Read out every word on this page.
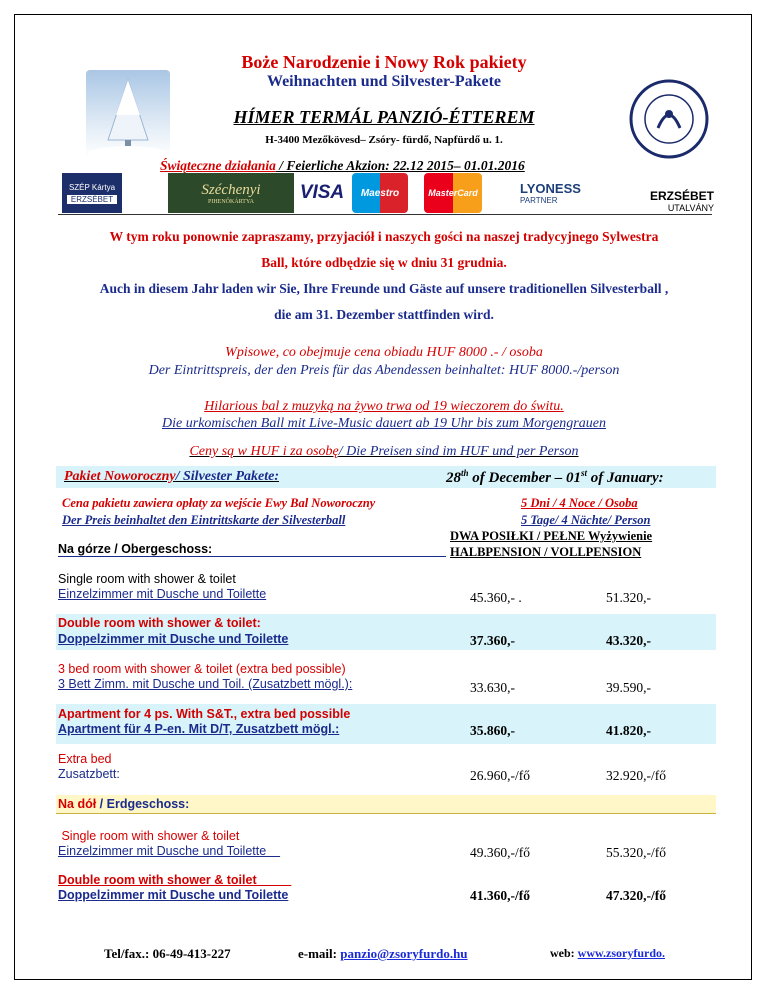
Boże Narodzenie i Nowy Rok pakiety
Weihnachten und Silvester-Pakete
HÍMER TERMÁL PANZIÓ-ÉTTEREM
H-3400 Mezőkövesd– Zsóry- fürdő, Napfürdő u. 1.
Świąteczne działania / Feierliche Akzion: 22.12 2015– 01.01.2016
SZÉP Kártya
ERZSÉBET
Széchenyi
PIHENŐKÁRTYA VISA	Maestro	MasterCard	LYONESS
PARTNER	ERZSÉBET
UTALVÁNY
W tym roku ponownie zapraszamy, przyjaciół i naszych gości na naszej tradycyjnego Sylwestra
Ball, które odbędzie się w dniu 31 grudnia.
Auch in diesem Jahr laden wir Sie, Ihre Freunde und Gäste auf unsere traditionellen Silvesterball ,
die am 31. Dezember stattfinden wird.
Wpisowe, co obejmuje cena obiadu HUF 8000 .- / osoba
Der Eintrittspreis, der den Preis für das Abendessen beinhaltet: HUF 8000.-/person
Hilarious bal z muzyką na żywo trwa od 19 wieczorem do świtu.
Die urkomischen Ball mit Live-Music dauert ab 19 Uhr bis zum Morgengrauen
Ceny są w HUF i za osobę/ Die Preisen sind im HUF und per Person
Pakiet Noworoczny/ Silvester Pakete:	28th of December – 01st of January:
Cena pakietu zawiera opłaty za wejście Ewy Bal Noworoczny
Der Preis beinhaltet den Eintrittskarte der Silvesterball
5 Dni / 4 Noce / Osoba
5 Tage/ 4 Nächte/ Person
DWA POSIŁKI / PEŁNE Wyżywienie
HALBPENSION / VOLLPENSION
Na górze / Obergeschoss:
Single room with shower & toilet
Einzelzimmer mit Dusche und Toilette	45.360,- .	51.320,-
Double room with shower & toilet:
Doppelzimmer mit Dusche und Toilette	37.360,-	43.320,-
3 bed room with shower & toilet (extra bed possible)
3 Bett Zimm. mit Dusche und Toil. (Zusatzbett mögl.):	33.630,-	39.590,-
Apartment for 4 ps. With S&T., extra bed possible
Apartment für 4 P-en. Mit D/T, Zusatzbett mögl.:	35.860,-	41.820,-
Extra bed
Zusatzbett:	26.960,-/fő	32.920,-/fő
Na dół / Erdgeschoss:
Single room with shower & toilet
Einzelzimmer mit Dusche und Toilette	49.360,-/fő	55.320,-/fő
Double room with shower & toilet
Doppelzimmer mit Dusche und Toilette	41.360,-/fő	47.320,-/fő
Tel/fax.: 06-49-413-227	e-mail: panzio@zsoryfurdo.hu	web: www.zsoryfurdo.
